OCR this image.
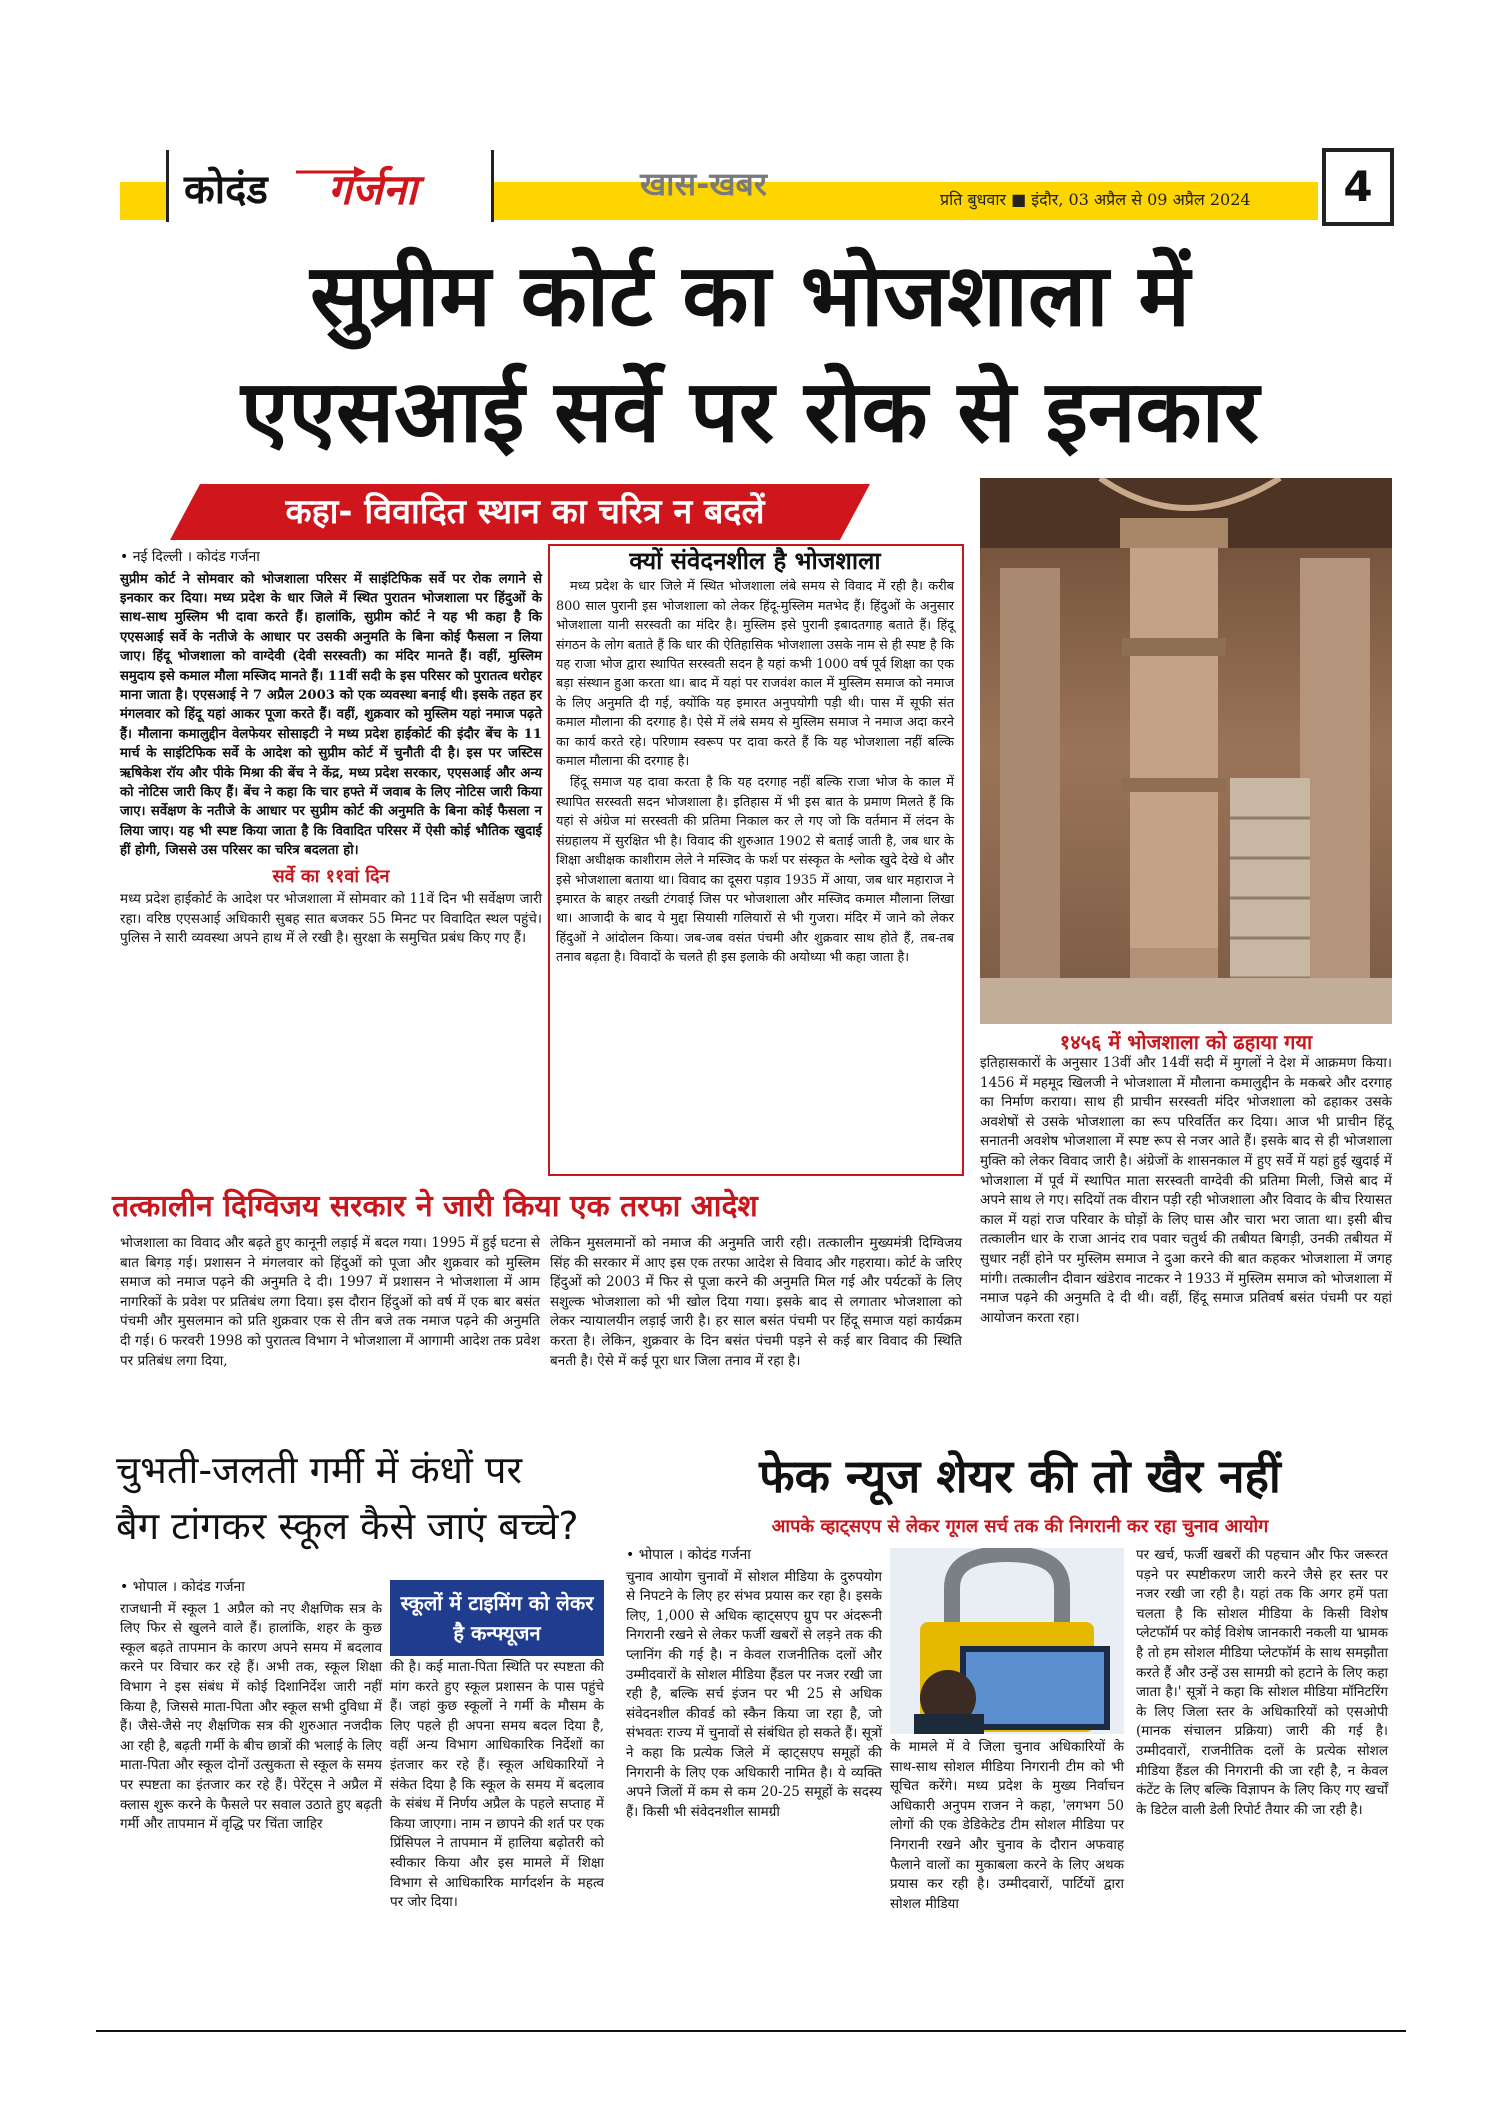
कोदंड गर्जना	खास-खबर	प्रति बुधवार ■ इंदौर, 03 अप्रैल से 09 अप्रैल 2024	4
सुप्रीम कोर्ट का भोजशाला में
एएसआई सर्वे पर रोक से इनकार
कहा- विवादित स्थान का चरित्र न बदलें
• नई दिल्ली । कोदंड गर्जना
सुप्रीम कोर्ट ने सोमवार को भोजशाला परिसर में साइंटिफिक सर्वे पर रोक लगाने से इनकार कर दिया। मध्य प्रदेश के धार जिले में स्थित पुरातन भोजशाला पर हिंदुओं के साथ-साथ मुस्लिम भी दावा करते हैं। हालांकि, सुप्रीम कोर्ट ने यह भी कहा है कि एएसआई सर्वे के नतीजे के आधार पर उसकी अनुमति के बिना कोई फैसला न लिया जाए। हिंदू भोजशाला को वाग्देवी (देवी सरस्वती) का मंदिर मानते हैं। वहीं, मुस्लिम समुदाय इसे कमाल मौला मस्जिद मानते हैं। 11वीं सदी के इस परिसर को पुरातत्व धरोहर माना जाता है। एएसआई ने 7 अप्रैल 2003 को एक व्यवस्था बनाई थी। इसके तहत हर मंगलवार को हिंदू यहां आकर पूजा करते हैं। वहीं, शुक्रवार को मुस्लिम यहां नमाज पढ़ते हैं। मौलाना कमालुद्दीन वेलफेयर सोसाइटी ने मध्य प्रदेश हाईकोर्ट की इंदौर बेंच के 11 मार्च के साइंटिफिक सर्वे के आदेश को सुप्रीम कोर्ट में चुनौती दी है। इस पर जस्टिस ऋषिकेश रॉय और पीके मिश्रा की बेंच ने केंद्र, मध्य प्रदेश सरकार, एएसआई और अन्य को नोटिस जारी किए हैं। बेंच ने कहा कि चार हफ्ते में जवाब के लिए नोटिस जारी किया जाए। सर्वेक्षण के नतीजे के आधार पर सुप्रीम कोर्ट की अनुमति के बिना कोई फैसला न लिया जाए। यह भी स्पष्ट किया जाता है कि विवादित परिसर में ऐसी कोई भौतिक खुदाई हीं होगी, जिससे उस परिसर का चरित्र बदलता हो।
सर्वे का ११वां दिन
मध्य प्रदेश हाईकोर्ट के आदेश पर भोजशाला में सोमवार को 11वें दिन भी सर्वेक्षण जारी रहा। वरिष्ठ एएसआई अधिकारी सुबह सात बजकर 55 मिनट पर विवादित स्थल पहुंचे। पुलिस ने सारी व्यवस्था अपने हाथ में ले रखी है। सुरक्षा के समुचित प्रबंध किए गए हैं।
क्यों संवेदनशील है भोजशाला
मध्य प्रदेश के धार जिले में स्थित भोजशाला लंबे समय से विवाद में रही है। करीब 800 साल पुरानी इस भोजशाला को लेकर हिंदू-मुस्लिम मतभेद हैं। हिंदुओं के अनुसार भोजशाला यानी सरस्वती का मंदिर है। मुस्लिम इसे पुरानी इबादतगाह बताते हैं। हिंदू संगठन के लोग बताते हैं कि धार की ऐतिहासिक भोजशाला उसके नाम से ही स्पष्ट है कि यह राजा भोज द्वारा स्थापित सरस्वती सदन है यहां कभी 1000 वर्ष पूर्व शिक्षा का एक बड़ा संस्थान हुआ करता था। बाद में यहां पर राजवंश काल में मुस्लिम समाज को नमाज के लिए अनुमति दी गई, क्योंकि यह इमारत अनुपयोगी पड़ी थी। पास में सूफी संत कमाल मौलाना की दरगाह है। ऐसे में लंबे समय से मुस्लिम समाज ने नमाज अदा करने का कार्य करते रहे। परिणाम स्वरूप पर दावा करते हैं कि यह भोजशाला नहीं बल्कि कमाल मौलाना की दरगाह है।
हिंदू समाज यह दावा करता है कि यह दरगाह नहीं बल्कि राजा भोज के काल में स्थापित सरस्वती सदन भोजशाला है। इतिहास में भी इस बात के प्रमाण मिलते हैं कि यहां से अंग्रेज मां सरस्वती की प्रतिमा निकाल कर ले गए जो कि वर्तमान में लंदन के संग्रहालय में सुरक्षित भी है। विवाद की शुरुआत 1902 से बताई जाती है, जब धार के शिक्षा अधीक्षक काशीराम लेले ने मस्जिद के फर्श पर संस्कृत के श्लोक खुदे देखे थे और इसे भोजशाला बताया था। विवाद का दूसरा पड़ाव 1935 में आया, जब धार महाराज ने इमारत के बाहर तख्ती टंगवाई जिस पर भोजशाला और मस्जिद कमाल मौलाना लिखा था। आजादी के बाद ये मुद्दा सियासी गलियारों से भी गुजरा। मंदिर में जाने को लेकर हिंदुओं ने आंदोलन किया। जब-जब वसंत पंचमी और शुक्रवार साथ होते हैं, तब-तब तनाव बढ़ता है। विवादों के चलते ही इस इलाके की अयोध्या भी कहा जाता है।
१४५६ में भोजशाला को ढहाया गया
इतिहासकारों के अनुसार 13वीं और 14वीं सदी में मुगलों ने देश में आक्रमण किया। 1456 में महमूद खिलजी ने भोजशाला में मौलाना कमालुद्दीन के मकबरे और दरगाह का निर्माण कराया। साथ ही प्राचीन सरस्वती मंदिर भोजशाला को ढहाकर उसके अवशेषों से उसके भोजशाला का रूप परिवर्तित कर दिया। आज भी प्राचीन हिंदू सनातनी अवशेष भोजशाला में स्पष्ट रूप से नजर आते हैं। इसके बाद से ही भोजशाला मुक्ति को लेकर विवाद जारी है। अंग्रेजों के शासनकाल में हुए सर्वे में यहां हुई खुदाई में भोजशाला में पूर्व में स्थापित माता सरस्वती वाग्देवी की प्रतिमा मिली, जिसे बाद में अपने साथ ले गए। सदियों तक वीरान पड़ी रही भोजशाला और विवाद के बीच रियासत काल में यहां राज परिवार के घोड़ों के लिए घास और चारा भरा जाता था। इसी बीच तत्कालीन धार के राजा आनंद राव पवार चतुर्थ की तबीयत बिगड़ी, उनकी तबीयत में सुधार नहीं होने पर मुस्लिम समाज ने दुआ करने की बात कहकर भोजशाला में जगह मांगी। तत्कालीन दीवान खंडेराव नाटकर ने 1933 में मुस्लिम समाज को भोजशाला में नमाज पढ़ने की अनुमति दे दी थी। वहीं, हिंदू समाज प्रतिवर्ष बसंत पंचमी पर यहां आयोजन करता रहा।
तत्कालीन दिग्विजय सरकार ने जारी किया एक तरफा आदेश
भोजशाला का विवाद और बढ़ते हुए कानूनी लड़ाई में बदल गया। 1995 में हुई घटना से बात बिगड़ गई। प्रशासन ने मंगलवार को हिंदुओं को पूजा और शुक्रवार को मुस्लिम समाज को नमाज पढ़ने की अनुमति दे दी। 1997 में प्रशासन ने भोजशाला में आम नागरिकों के प्रवेश पर प्रतिबंध लगा दिया। इस दौरान हिंदुओं को वर्ष में एक बार बसंत पंचमी और मुसलमान को प्रति शुक्रवार एक से तीन बजे तक नमाज पढ़ने की अनुमति दी गई। 6 फरवरी 1998 को पुरातत्व विभाग ने भोजशाला में आगामी आदेश तक प्रवेश पर प्रतिबंध लगा दिया,
लेकिन मुसलमानों को नमाज की अनुमति जारी रही। तत्कालीन मुख्यमंत्री दिग्विजय सिंह की सरकार में आए इस एक तरफा आदेश से विवाद और गहराया। कोर्ट के जरिए हिंदुओं को 2003 में फिर से पूजा करने की अनुमति मिल गई और पर्यटकों के लिए सशुल्क भोजशाला को भी खोल दिया गया। इसके बाद से लगातार भोजशाला को लेकर न्यायालयीन लड़ाई जारी है। हर साल बसंत पंचमी पर हिंदू समाज यहां कार्यक्रम करता है। लेकिन, शुक्रवार के दिन बसंत पंचमी पड़ने से कई बार विवाद की स्थिति बनती है। ऐसे में कई पूरा धार जिला तनाव में रहा है।
चुभती-जलती गर्मी में कंधों पर
बैग टांगकर स्कूल कैसे जाएं बच्चे?
• भोपाल । कोदंड गर्जना
राजधानी में स्कूल 1 अप्रैल को नए शैक्षणिक सत्र के लिए फिर से खुलने वाले हैं। हालांकि, शहर के कुछ स्कूल बढ़ते तापमान के कारण अपने समय में बदलाव करने पर विचार कर रहे हैं। अभी तक, स्कूल शिक्षा विभाग ने इस संबंध में कोई दिशानिर्देश जारी नहीं किया है, जिससे माता-पिता और स्कूल सभी दुविधा में हैं। जैसे-जैसे नए शैक्षणिक सत्र की शुरुआत नजदीक आ रही है, बढ़ती गर्मी के बीच छात्रों की भलाई के लिए माता-पिता और स्कूल दोनों उत्सुकता से स्कूल के समय पर स्पष्टता का इंतजार कर रहे हैं। पेरेंट्स ने अप्रैल में क्लास शुरू करने के फैसले पर सवाल उठाते हुए बढ़ती गर्मी और तापमान में वृद्धि पर चिंता जाहिर
स्कूलों में टाइमिंग को लेकर है कन्फ्यूजन
की है। कई माता-पिता स्थिति पर स्पष्टता की मांग करते हुए स्कूल प्रशासन के पास पहुंचे हैं। जहां कुछ स्कूलों ने गर्मी के मौसम के लिए पहले ही अपना समय बदल दिया है, वहीं अन्य विभाग आधिकारिक निर्देशों का इंतजार कर रहे हैं। स्कूल अधिकारियों ने संकेत दिया है कि स्कूल के समय में बदलाव के संबंध में निर्णय अप्रैल के पहले सप्ताह में किया जाएगा। नाम न छापने की शर्त पर एक प्रिंसिपल ने तापमान में हालिया बढ़ोतरी को स्वीकार किया और इस मामले में शिक्षा विभाग से आधिकारिक मार्गदर्शन के महत्व पर जोर दिया।
फेक न्यूज शेयर की तो खैर नहीं
आपके व्हाट्सएप से लेकर गूगल सर्च तक की निगरानी कर रहा चुनाव आयोग
• भोपाल । कोदंड गर्जना
चुनाव आयोग चुनावों में सोशल मीडिया के दुरुपयोग से निपटने के लिए हर संभव प्रयास कर रहा है। इसके लिए, 1,000 से अधिक व्हाट्सएप ग्रुप पर अंदरूनी निगरानी रखने से लेकर फर्जी खबरों से लड़ने तक की प्लानिंग की गई है। न केवल राजनीतिक दलों और उम्मीदवारों के सोशल मीडिया हैंडल पर नजर रखी जा रही है, बल्कि सर्च इंजन पर भी 25 से अधिक संवेदनशील कीवर्ड को स्कैन किया जा रहा है, जो संभवतः राज्य में चुनावों से संबंधित हो सकते हैं। सूत्रों ने कहा कि प्रत्येक जिले में व्हाट्सएप समूहों की निगरानी के लिए एक अधिकारी नामित है। ये व्यक्ति अपने जिलों में कम से कम 20-25 समूहों के सदस्य हैं। किसी भी संवेदनशील सामग्री
के मामले में वे जिला चुनाव अधिकारियों के साथ-साथ सोशल मीडिया निगरानी टीम को भी सूचित करेंगे। मध्य प्रदेश के मुख्य निर्वाचन अधिकारी अनुपम राजन ने कहा, 'लगभग 50 लोगों की एक डेडिकेटेड टीम सोशल मीडिया पर निगरानी रखने और चुनाव के दौरान अफवाह फैलाने वालों का मुकाबला करने के लिए अथक प्रयास कर रही है। उम्मीदवारों, पार्टियों द्वारा सोशल मीडिया
पर खर्च, फर्जी खबरों की पहचान और फिर जरूरत पड़ने पर स्पष्टीकरण जारी करने जैसे हर स्तर पर नजर रखी जा रही है। यहां तक कि अगर हमें पता चलता है कि सोशल मीडिया के किसी विशेष प्लेटफॉर्म पर कोई विशेष जानकारी नकली या भ्रामक है तो हम सोशल मीडिया प्लेटफॉर्म के साथ समझौता करते हैं और उन्हें उस सामग्री को हटाने के लिए कहा जाता है।' सूत्रों ने कहा कि सोशल मीडिया मॉनिटरिंग के लिए जिला स्तर के अधिकारियों को एसओपी (मानक संचालन प्रक्रिया) जारी की गई है। उम्मीदवारों, राजनीतिक दलों के प्रत्येक सोशल मीडिया हैंडल की निगरानी की जा रही है, न केवल कंटेंट के लिए बल्कि विज्ञापन के लिए किए गए खर्चों के डिटेल वाली डेली रिपोर्ट तैयार की जा रही है।
